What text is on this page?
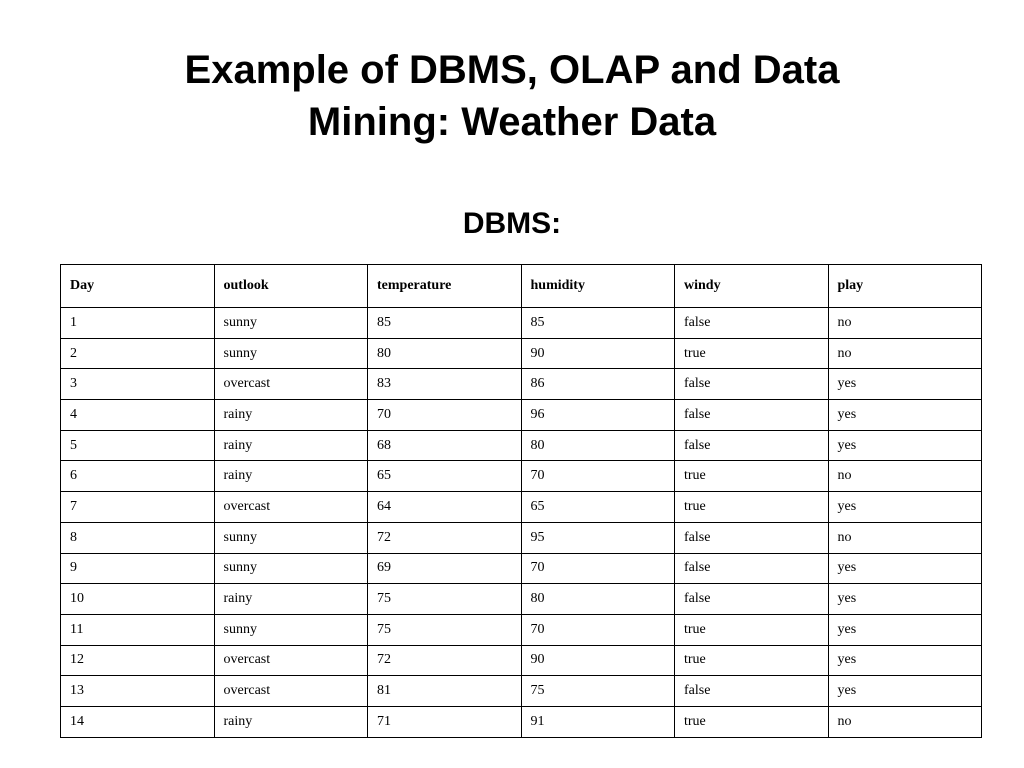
Example of DBMS, OLAP and Data
Mining: Weather Data
DBMS:
Day	outlook	temperature	humidity	windy	play
1	sunny	85	85	false	no
2	sunny	80	90	true	no
3	overcast	83	86	false	yes
4	rainy	70	96	false	yes
5	rainy	68	80	false	yes
6	rainy	65	70	true	no
7	overcast	64	65	true	yes
8	sunny	72	95	false	no
9	sunny	69	70	false	yes
10	rainy	75	80	false	yes
11	sunny	75	70	true	yes
12	overcast	72	90	true	yes
13	overcast	81	75	false	yes
14	rainy	71	91	true	no
